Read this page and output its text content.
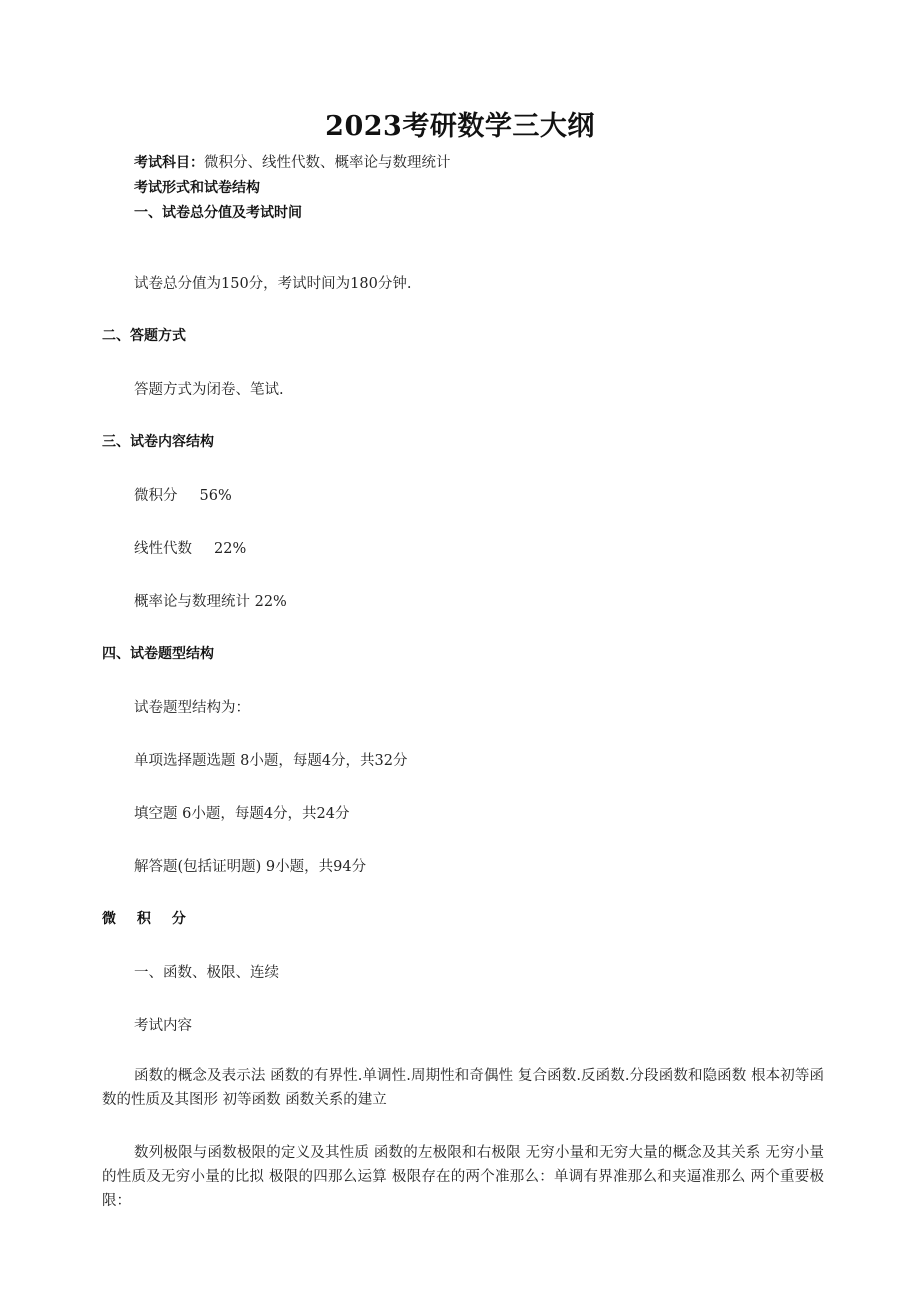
2023考研数学三大纲
考试科目：微积分、线性代数、概率论与数理统计
考试形式和试卷结构
一、试卷总分值及考试时间
试卷总分值为150分，考试时间为180分钟.
二、答题方式
答题方式为闭卷、笔试.
三、试卷内容结构
微积分 56%
线性代数 22%
概率论与数理统计 22%
四、试卷题型结构
试卷题型结构为：
单项选择题选题 8小题，每题4分，共32分
填空题 6小题，每题4分，共24分
解答题(包括证明题) 9小题，共94分
微 积 分
一、函数、极限、连续
考试内容
函数的概念及表示法 函数的有界性.单调性.周期性和奇偶性 复合函数.反函数.分段函数和隐函数 根本初等函数的性质及其图形 初等函数 函数关系的建立
数列极限与函数极限的定义及其性质 函数的左极限和右极限 无穷小量和无穷大量的概念及其关系 无穷小量的性质及无穷小量的比拟 极限的四那么运算 极限存在的两个准那么：单调有界准那么和夹逼准那么 两个重要极限：
